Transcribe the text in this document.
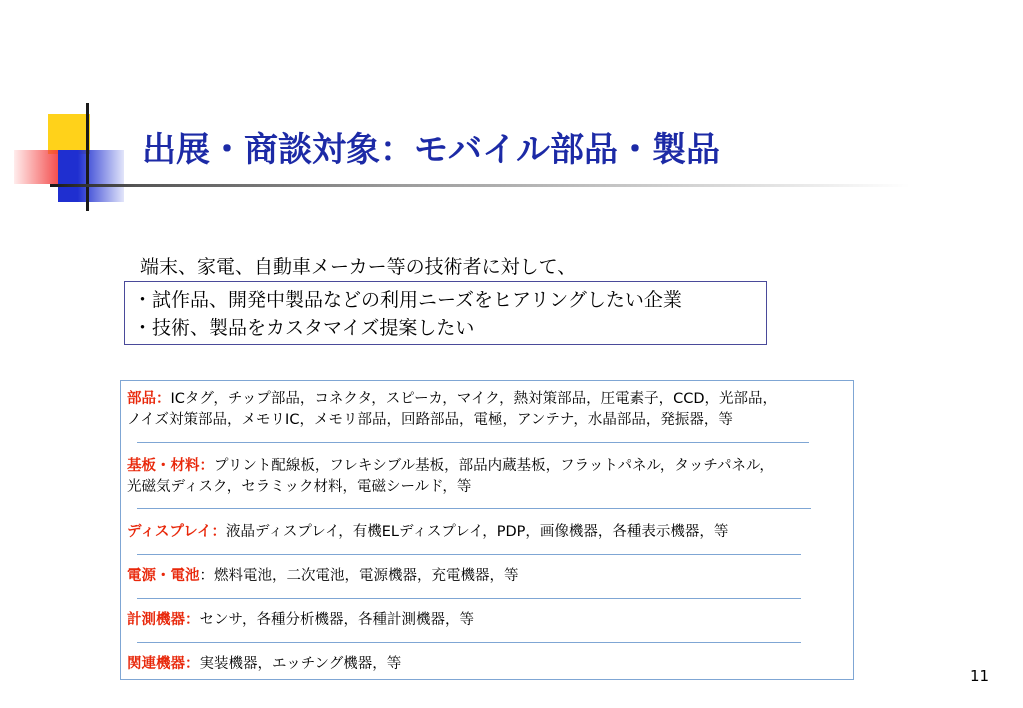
出展・商談対象：モバイル部品・製品
端末、家電、自動車メーカー等の技術者に対して、
・試作品、開発中製品などの利用ニーズをヒアリングしたい企業
・技術、製品をカスタマイズ提案したい
部品：ICタグ，チップ部品，コネクタ，スピーカ，マイク，熱対策部品，圧電素子，CCD，光部品，
ノイズ対策部品，メモリIC，メモリ部品，回路部品，電極，アンテナ，水晶部品，発振器，等
基板・材料：プリント配線板，フレキシブル基板，部品内蔵基板，フラットパネル，タッチパネル，
光磁気ディスク，セラミック材料，電磁シールド，等
ディスプレイ：液晶ディスプレイ，有機ELディスプレイ，PDP，画像機器，各種表示機器，等
電源・電池：燃料電池，二次電池，電源機器，充電機器，等
計測機器：センサ，各種分析機器，各種計測機器，等
関連機器：実装機器，エッチング機器，等
11
